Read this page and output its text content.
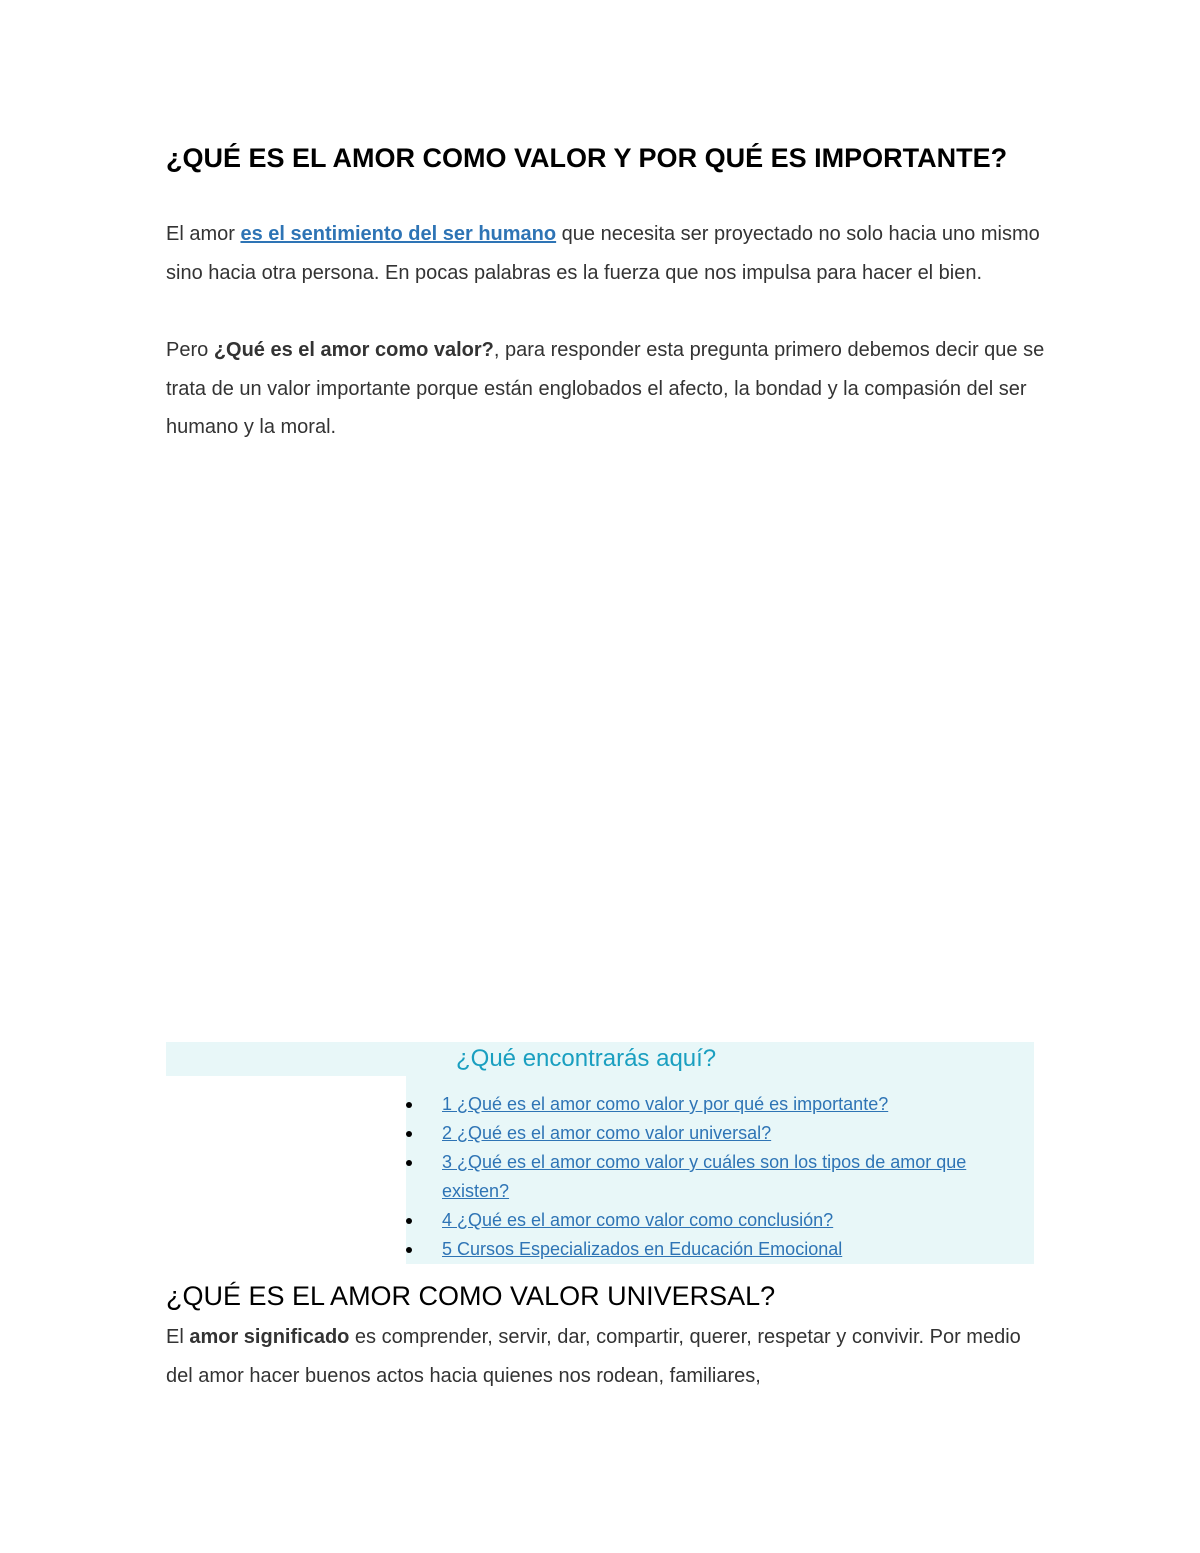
¿QUÉ ES EL AMOR COMO VALOR Y POR QUÉ ES IMPORTANTE?

El amor es el sentimiento del ser humano que necesita ser proyectado no solo hacia uno mismo sino hacia otra persona. En pocas palabras es la fuerza que nos impulsa para hacer el bien.

Pero ¿Qué es el amor como valor?, para responder esta pregunta primero debemos decir que se trata de un valor importante porque están englobados el afecto, la bondad y la compasión del ser humano y la moral.

¿Qué encontrarás aquí?
1 ¿Qué es el amor como valor y por qué es importante?
2 ¿Qué es el amor como valor universal?
3 ¿Qué es el amor como valor y cuáles son los tipos de amor que existen?
4 ¿Qué es el amor como valor como conclusión?
5 Cursos Especializados en Educación Emocional
¿QUÉ ES EL AMOR COMO VALOR UNIVERSAL?

El amor significado es comprender, servir, dar, compartir, querer, respetar y convivir. Por medio del amor hacer buenos actos hacia quienes nos rodean, familiares,
